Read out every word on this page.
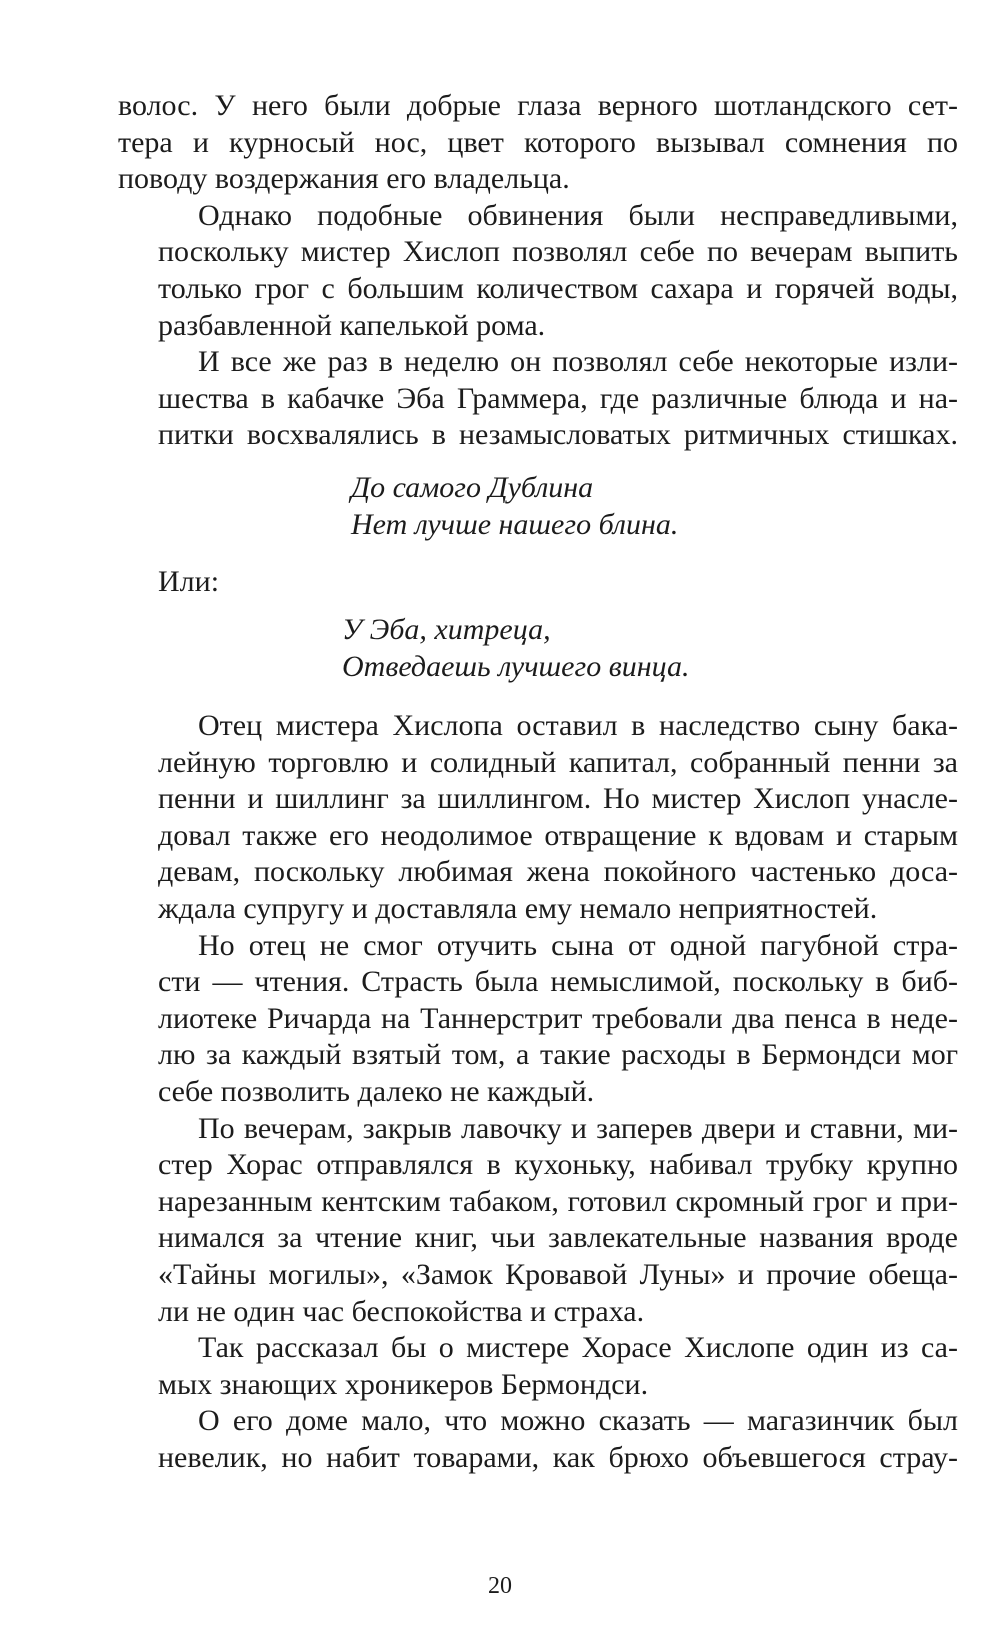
волос. У него были добрые глаза верного шотландского сет-
тера и курносый нос, цвет которого вызывал сомнения по
поводу воздержания его владельца.
Однако подобные обвинения были несправедливыми,
поскольку мистер Хислоп позволял себе по вечерам выпить
только грог с большим количеством сахара и горячей воды,
разбавленной капелькой рома.
И все же раз в неделю он позволял себе некоторые изли-
шества в кабачке Эба Граммера, где различные блюда и на-
питки восхвалялись в незамысловатых ритмичных стишках.
До самого Дублина
Нет лучше нашего блина.

Или:

У Эба, хитреца,
Отведаешь лучшего винца.
Отец мистера Хислопа оставил в наследство сыну бака-
лейную торговлю и солидный капитал, собранный пенни за
пенни и шиллинг за шиллингом. Но мистер Хислоп унасле-
довал также его неодолимое отвращение к вдовам и старым
девам, поскольку любимая жена покойного частенько доса-
ждала супругу и доставляла ему немало неприятностей.
Но отец не смог отучить сына от одной пагубной стра-
сти — чтения. Страсть была немыслимой, поскольку в биб-
лиотеке Ричарда на Таннерстрит требовали два пенса в неде-
лю за каждый взятый том, а такие расходы в Бермондси мог
себе позволить далеко не каждый.
По вечерам, закрыв лавочку и заперев двери и ставни, ми-
стер Хорас отправлялся в кухоньку, набивал трубку крупно
нарезанным кентским табаком, готовил скромный грог и при-
нимался за чтение книг, чьи завлекательные названия вроде
«Тайны могилы», «Замок Кровавой Луны» и прочие обеща-
ли не один час беспокойства и страха.
Так рассказал бы о мистере Хорасе Хислопе один из са-
мых знающих хроникеров Бермондси.
О его доме мало, что можно сказать — магазинчик был
невелик, но набит товарами, как брюхо объевшегося страу-
20
